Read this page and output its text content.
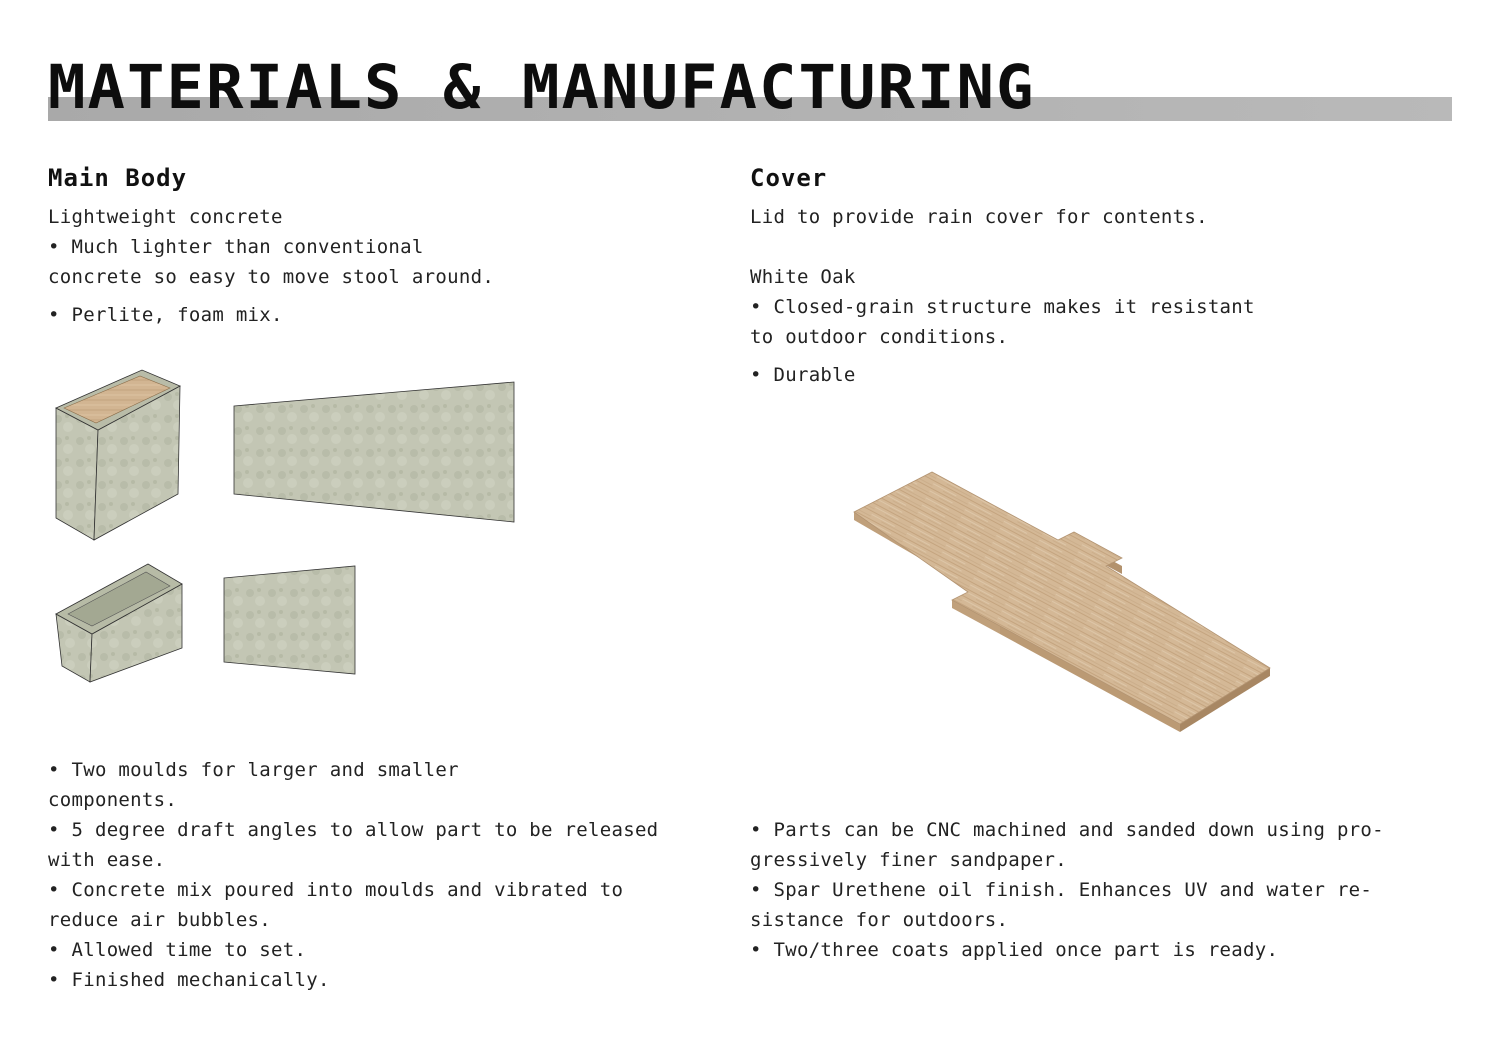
MATERIALS & MANUFACTURING
Main Body

Lightweight concrete

• Much lighter than conventional

concrete so easy to move stool around.

• Perlite, foam mix.

• Two moulds for larger and smaller

components.

• 5 degree draft angles to allow part to be released

with ease.

• Concrete mix poured into moulds and vibrated to

reduce air bubbles.

• Allowed time to set.

• Finished mechanically.

Cover

Lid to provide rain cover for contents.

White Oak

• Closed-grain structure makes it resistant

to outdoor conditions.

• Durable

• Parts can be CNC machined and sanded down using pro-

gressively finer sandpaper.

• Spar Urethene oil finish. Enhances UV and water re-

sistance for outdoors.

• Two/three coats applied once part is ready.
